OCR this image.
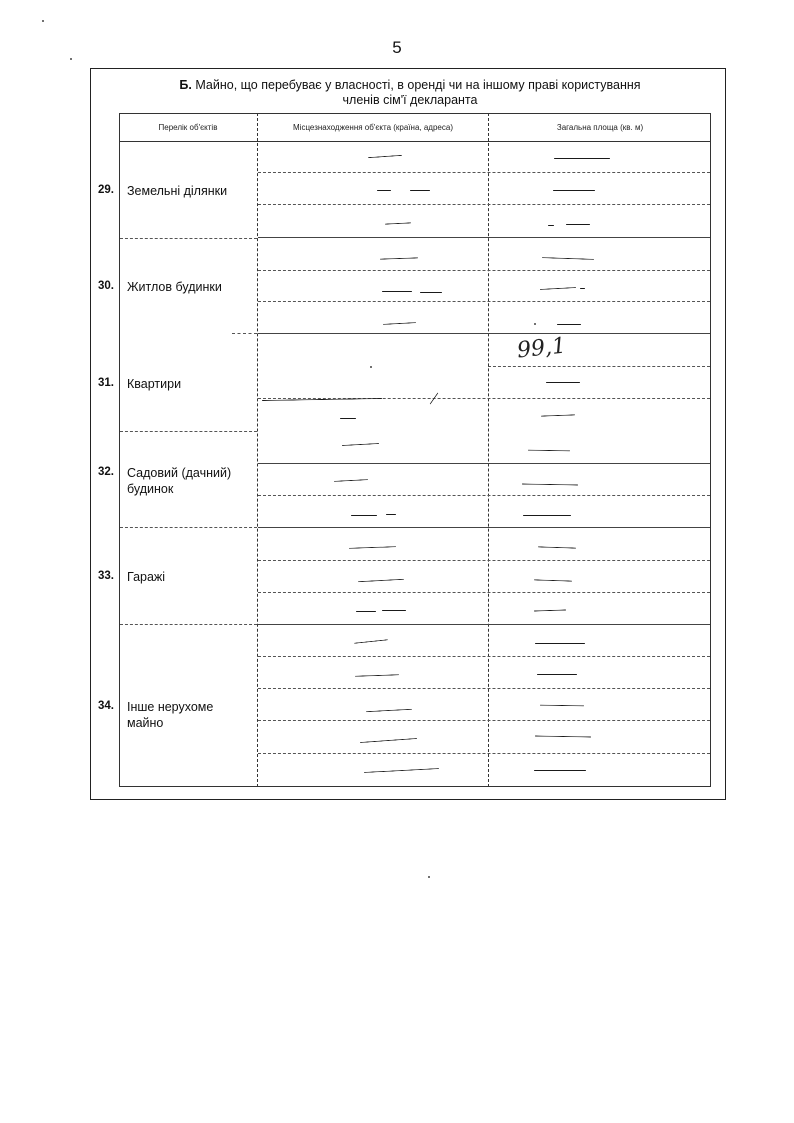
5
Б. Майно, що перебуває у власності, в оренді чи на іншому праві користування
членів сім'ї декларанта
Перелік об'єктів	Місцезнаходження об'єкта (країна, адреса)	Загальна площа (кв. м)
29. Земельні ділянки
30. Житлов будинки
31. Квартири
32. Садовий (дачний) будинок
33. Гаражі
34. Інше нерухоме майно
99,1
